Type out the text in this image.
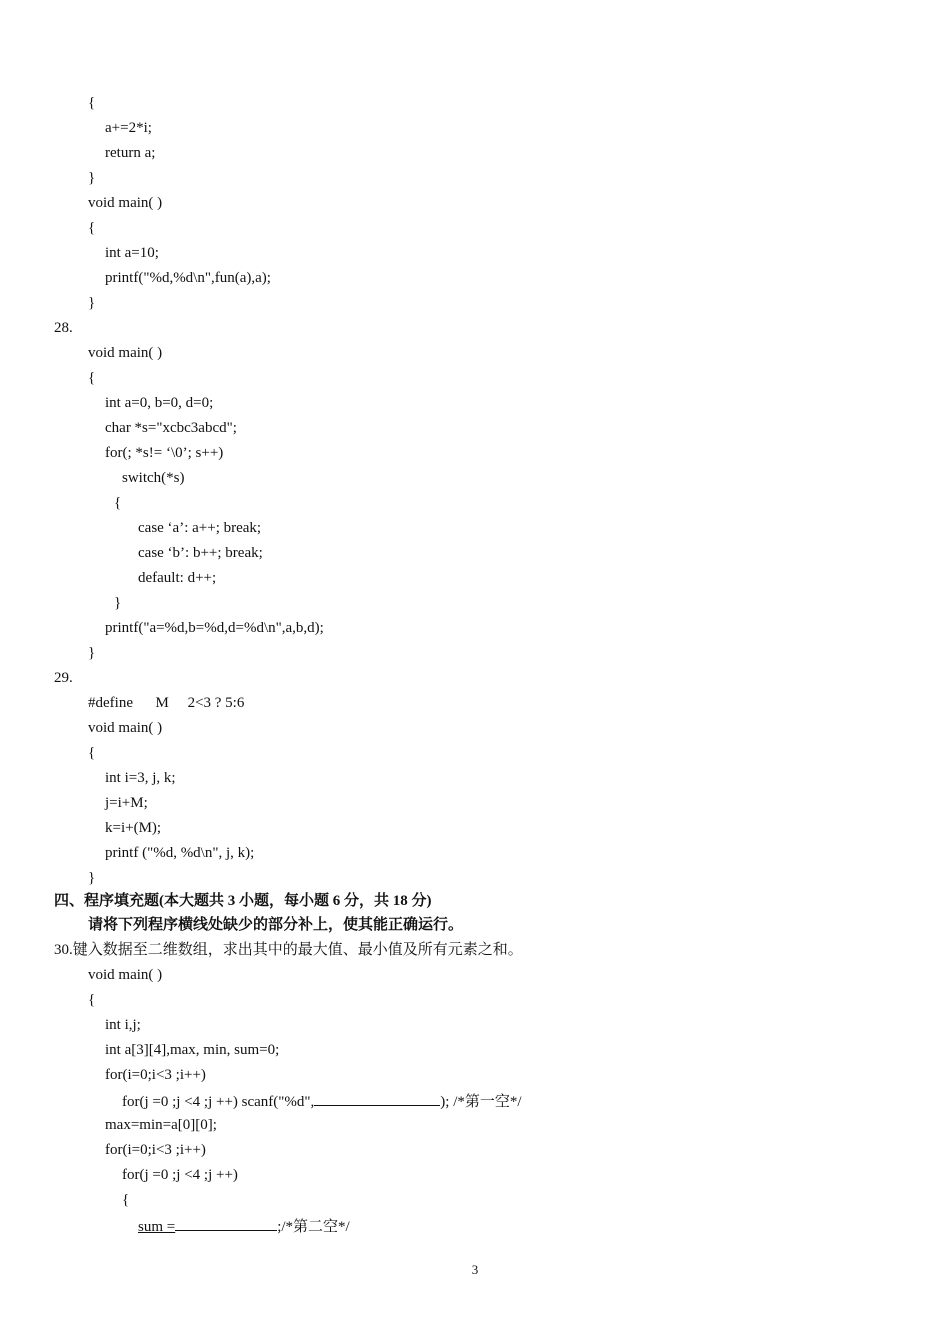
{
a+=2*i;
return a;
}
void main( )
{
int a=10;
printf("%d,%d\n",fun(a),a);
}
28.
void main( )
{
int a=0, b=0, d=0;
char *s="xcbc3abcd";
for(; *s!= ‘\0’; s++)
switch(*s)
{
case ‘a’: a++; break;
case ‘b’: b++; break;
default: d++;
}
printf("a=%d,b=%d,d=%d\n",a,b,d);
}
29.
#define      M     2<3 ? 5:6
void main( )
{
int i=3, j, k;
j=i+M;
k=i+(M);
printf ("%d, %d\n", j, k);
}
四、程序填充题(本大题共 3 小题，每小题 6 分，共 18 分)
请将下列程序横线处缺少的部分补上，使其能正确运行。
30.键入数据至二维数组，求出其中的最大值、最小值及所有元素之和。
void main( )
{
int i,j;
int a[3][4],max, min, sum=0;
for(i=0;i<3 ;i++)
for(j =0 ;j <4 ;j ++) scanf("%d",	); /*第一空*/
max=min=a[0][0];
for(i=0;i<3 ;i++)
for(j =0 ;j <4 ;j ++)
{
sum =	;/*第二空*/
3
